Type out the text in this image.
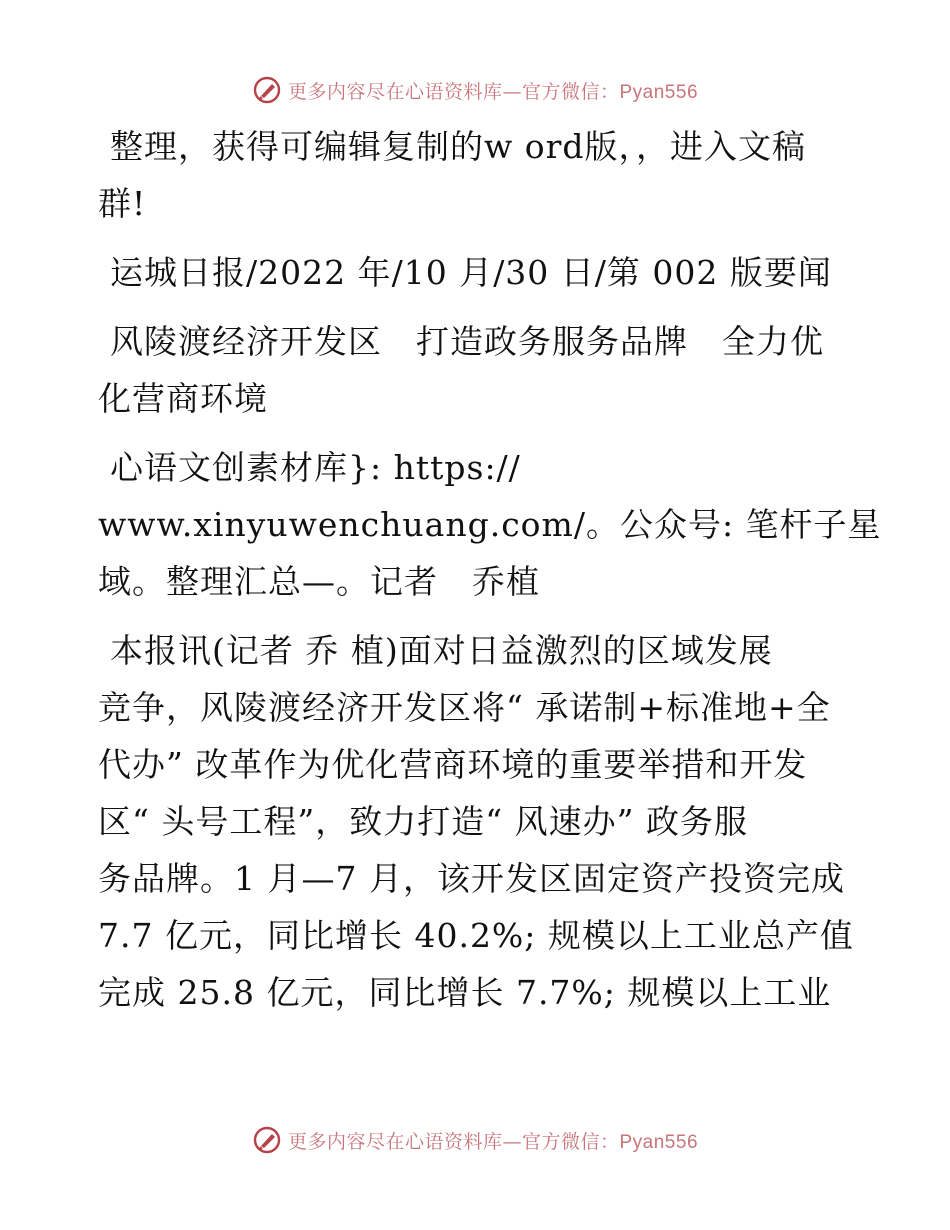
更多内容尽在心语资料库—官方微信：Pyan556

整理，获得可编辑复制的w ord版，，进入文稿
群!

运城日报/2022 年/10 月/30 日/第 002 版要闻

风陵渡经济开发区　打造政务服务品牌　全力优
化营商环境

心语文创素材库}: https://
www.xinyuwenchuang.com/。公众号: 笔杆子星
域。整理汇总—。记者　乔植

本报讯(记者 乔 植)面对日益激烈的区域发展
竞争，风陵渡经济开发区将“ 承诺制+标准地+全
代办” 改革作为优化营商环境的重要举措和开发
区“ 头号工程”，致力打造“ 风速办” 政务服
务品牌。1 月—7 月，该开发区固定资产投资完成
7.7 亿元，同比增长 40.2%; 规模以上工业总产值
完成 25.8 亿元，同比增长 7.7%; 规模以上工业

更多内容尽在心语资料库—官方微信：Pyan556
